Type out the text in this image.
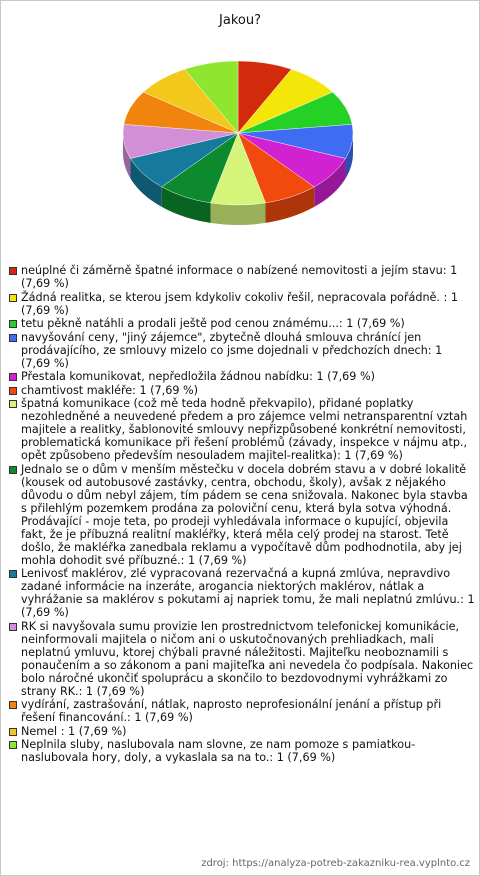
Jakou?
neúplné či záměrně špatné informace o nabízené nemovitosti a jejím stavu: 1 (7,69 %)
Žádná realitka, se kterou jsem kdykoliv cokoliv řešil, nepracovala pořádně. : 1 (7,69 %)
tetu pěkně natáhli a prodali ještě pod cenou známému...: 1 (7,69 %)
navyšování ceny, "jiný zájemce", zbytečně dlouhá smlouva chránící jen prodávajícího, ze smlouvy mizelo co jsme dojednali v předchozích dnech: 1 (7,69 %)
Přestala komunikovat, nepředložila žádnou nabídku: 1 (7,69 %)
chamtivost makléře: 1 (7,69 %)
špatná komunikace (což mě teda hodně překvapilo), přidané poplatky nezohledněné a neuvedené předem a pro zájemce velmi netransparentní vztah majitele a realitky, šablonovité smlouvy nepřizpůsobené konkrétní nemovitosti, problematická komunikace při řešení problémů (závady, inspekce v nájmu atp., opět způsobeno především nesouladem majitel-realitka): 1 (7,69 %)
Jednalo se o dům v menším městečku v docela dobrém stavu a v dobré lokalitě (kousek od autobusové zastávky, centra, obchodu, školy), avšak z nějakého důvodu o dům nebyl zájem, tím pádem se cena snižovala. Nakonec byla stavba s přilehlým pozemkem prodána za poloviční cenu, která byla sotva výhodná. Prodávající - moje teta, po prodeji vyhledávala informace o kupující, objevila fakt, že je příbuzná realitní makléřky, která měla celý prodej na starost. Tetě došlo, že makléřka zanedbala reklamu a vypočítavě dům podhodnotila, aby jej mohla dohodit své příbuzné.: 1 (7,69 %)
Lenivosť maklérov, zlé vypracovaná rezervačná a kupná zmlúva, nepravdivo zadané informácie na inzeráte, arogancia niektorých maklérov, nátlak a vyhrážanie sa maklérov s pokutami aj napriek tomu, že mali neplatnú zmlúvu.: 1 (7,69 %)
RK si navyšovala sumu provizie len prostrednictvom telefonickej komunikácie, neinformovali majitela o ničom ani o uskutočnovaných prehliadkach, mali neplatnú ymluvu, ktorej chýbali pravné náležitosti. Majiteľku neoboznamili s ponaučením a so zákonom a pani majiteľka ani nevedela čo podpísala. Nakoniec bolo náročné ukončiť spoluprácu a skončilo to bezdovodnymi vyhrážkami zo strany RK.: 1 (7,69 %)
vydírání, zastrašování, nátlak, naprosto neprofesionální jenání a přístup při řešení financování.: 1 (7,69 %)
Nemel : 1 (7,69 %)
Neplnila sluby, naslubovala nam slovne, ze nam pomoze s pamiatkou-naslubovala hory, doly, a vykaslala sa na to.: 1 (7,69 %)
zdroj: https://analyza-potreb-zakazniku-rea.vyplnto.cz
